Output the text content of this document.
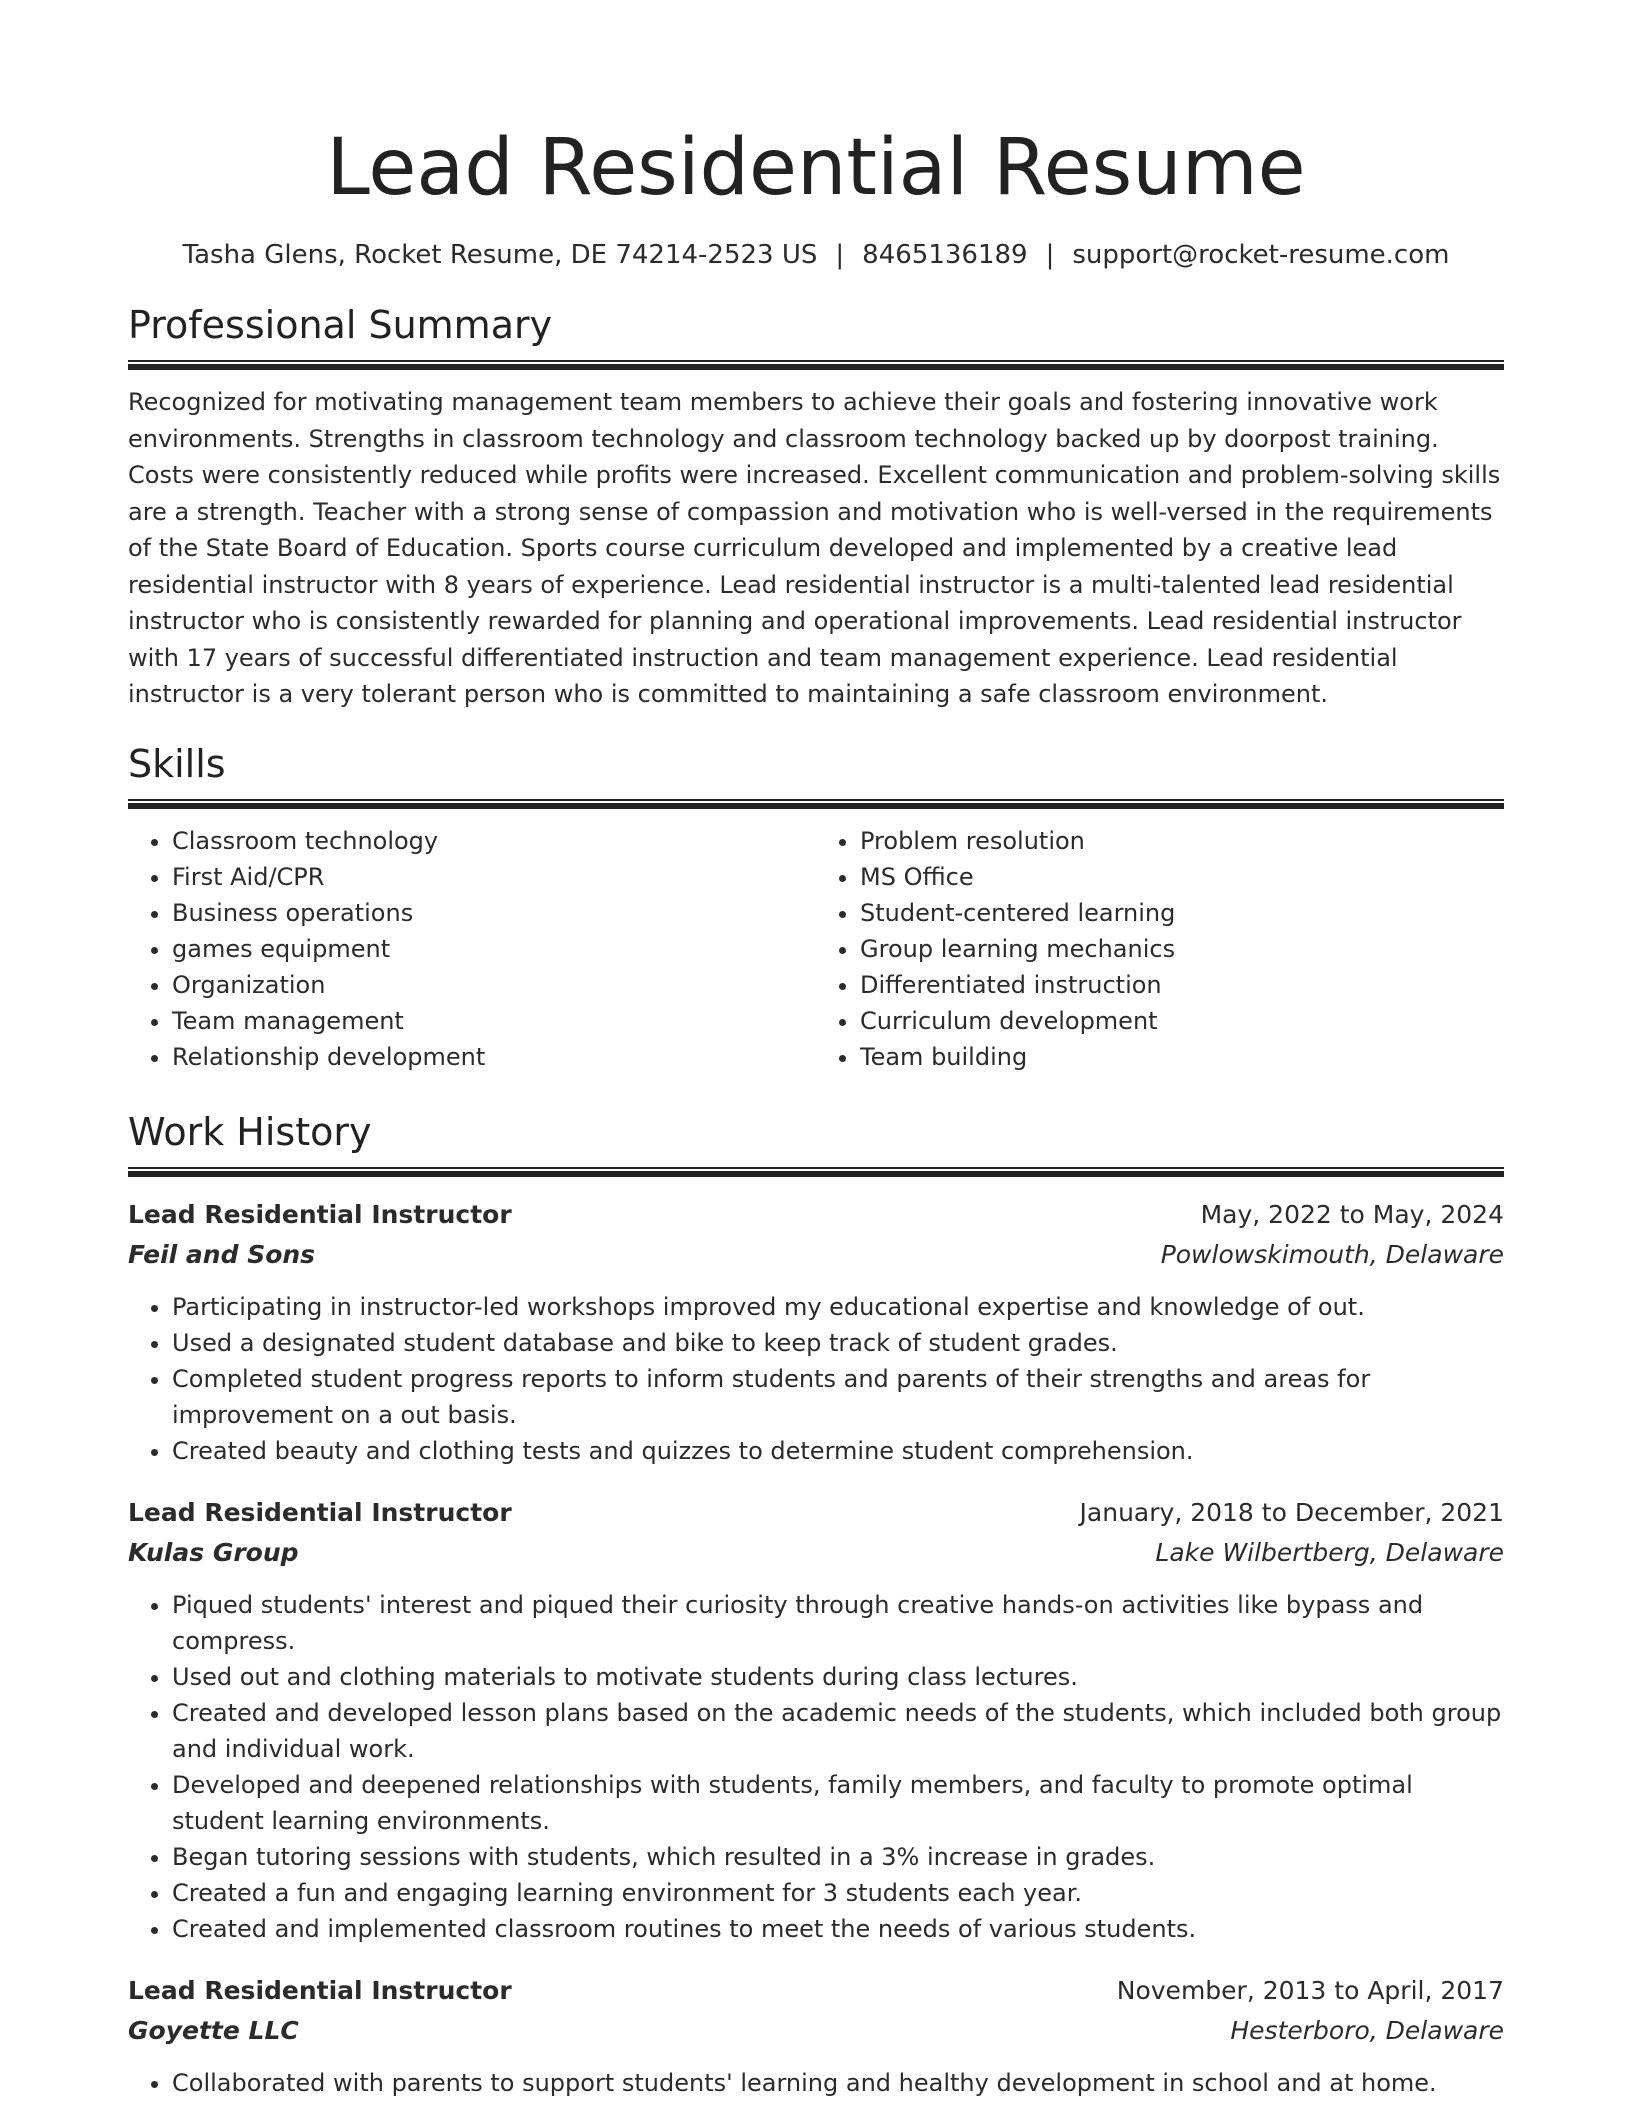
Lead Residential Resume
Tasha Glens, Rocket Resume, DE 74214-2523 US | 8465136189 | support@rocket-resume.com
Professional Summary

Recognized for motivating management team members to achieve their goals and fostering innovative work environments. Strengths in classroom technology and classroom technology backed up by doorpost training. Costs were consistently reduced while profits were increased. Excellent communication and problem-solving skills are a strength. Teacher with a strong sense of compassion and motivation who is well-versed in the requirements of the State Board of Education. Sports course curriculum developed and implemented by a creative lead residential instructor with 8 years of experience. Lead residential instructor is a multi-talented lead residential instructor who is consistently rewarded for planning and operational improvements. Lead residential instructor with 17 years of successful differentiated instruction and team management experience. Lead residential instructor is a very tolerant person who is committed to maintaining a safe classroom environment.

Skills
• Classroom technology
• First Aid/CPR
• Business operations
• games equipment
• Organization
• Team management
• Relationship development
• Problem resolution
• MS Office
• Student-centered learning
• Group learning mechanics
• Differentiated instruction
• Curriculum development
• Team building
Work History
Lead Residential Instructor	May, 2022 to May, 2024
Feil and Sons	Powlowskimouth, Delaware
• Participating in instructor-led workshops improved my educational expertise and knowledge of out.
• Used a designated student database and bike to keep track of student grades.
• Completed student progress reports to inform students and parents of their strengths and areas for improvement on a out basis.
• Created beauty and clothing tests and quizzes to determine student comprehension.
Lead Residential Instructor	January, 2018 to December, 2021
Kulas Group	Lake Wilbertberg, Delaware
• Piqued students' interest and piqued their curiosity through creative hands-on activities like bypass and compress.
• Used out and clothing materials to motivate students during class lectures.
• Created and developed lesson plans based on the academic needs of the students, which included both group and individual work.
• Developed and deepened relationships with students, family members, and faculty to promote optimal student learning environments.
• Began tutoring sessions with students, which resulted in a 3% increase in grades.
• Created a fun and engaging learning environment for 3 students each year.
• Created and implemented classroom routines to meet the needs of various students.
Lead Residential Instructor	November, 2013 to April, 2017
Goyette LLC	Hesterboro, Delaware
• Collaborated with parents to support students' learning and healthy development in school and at home.
